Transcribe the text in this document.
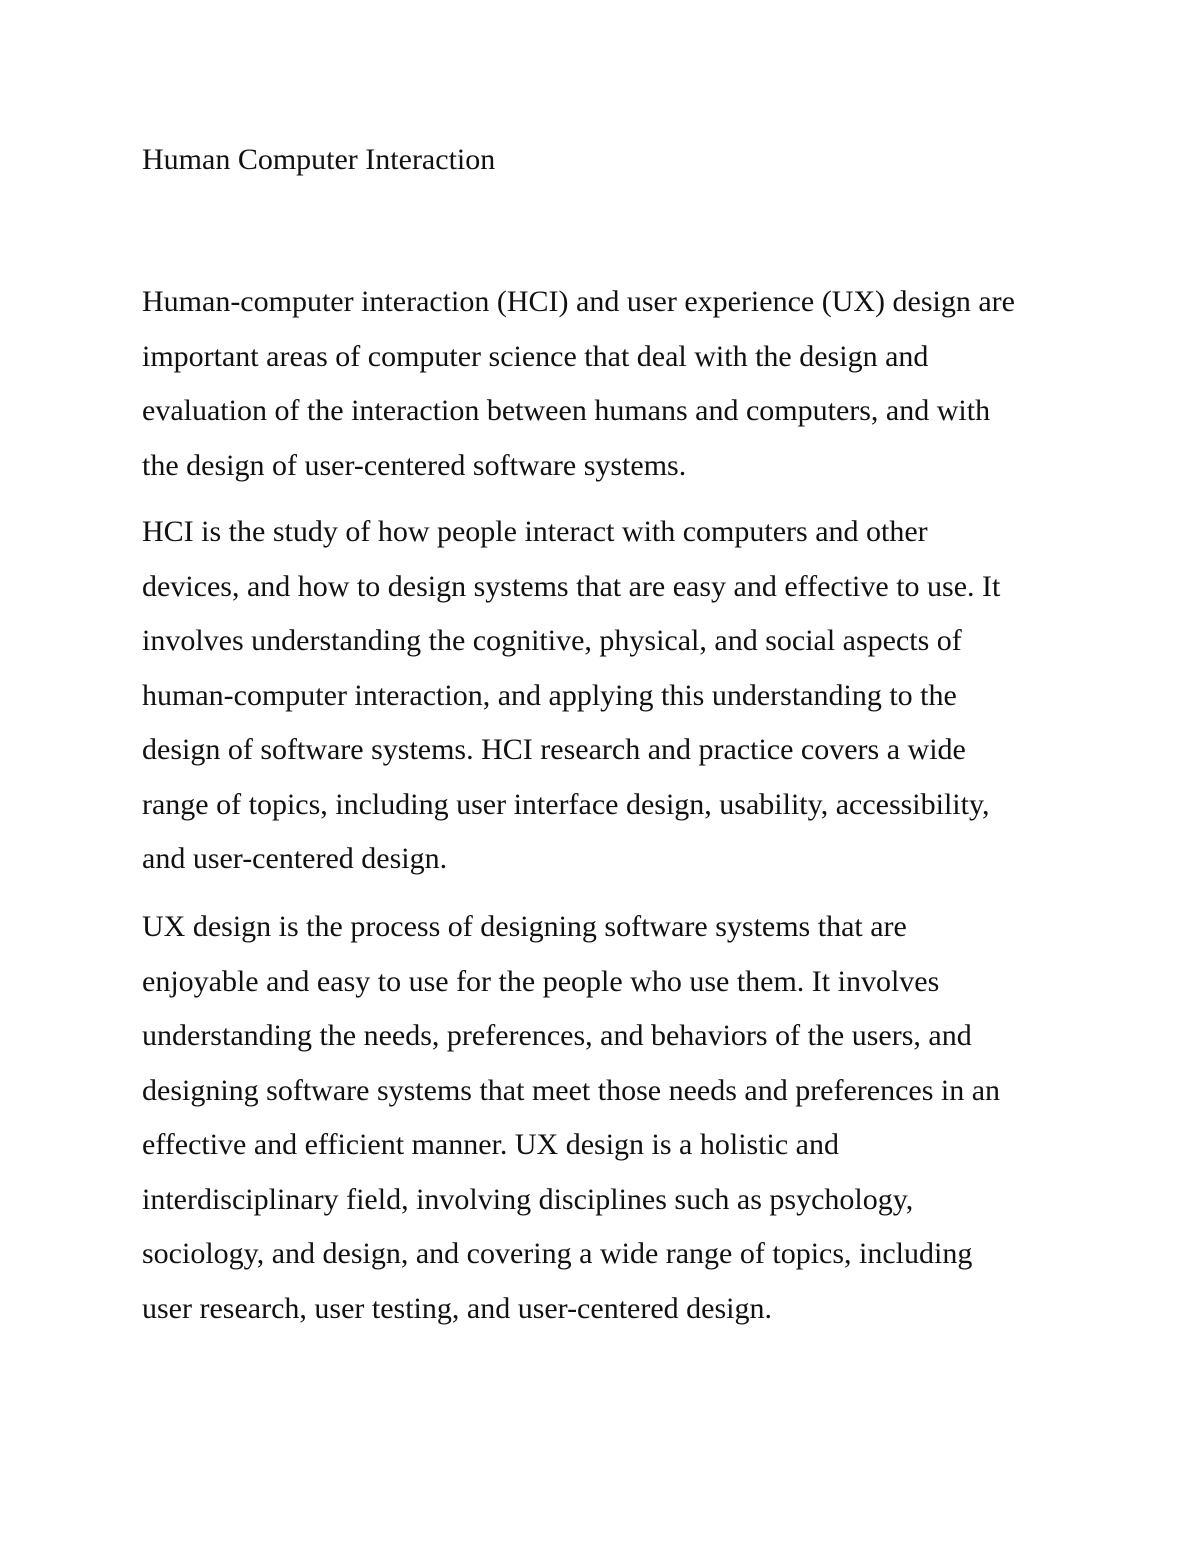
Human Computer Interaction

Human-computer interaction (HCI) and user experience (UX) design are
important areas of computer science that deal with the design and
evaluation of the interaction between humans and computers, and with
the design of user-centered software systems.

HCI is the study of how people interact with computers and other
devices, and how to design systems that are easy and effective to use. It
involves understanding the cognitive, physical, and social aspects of
human-computer interaction, and applying this understanding to the
design of software systems. HCI research and practice covers a wide
range of topics, including user interface design, usability, accessibility,
and user-centered design.

UX design is the process of designing software systems that are
enjoyable and easy to use for the people who use them. It involves
understanding the needs, preferences, and behaviors of the users, and
designing software systems that meet those needs and preferences in an
effective and efficient manner. UX design is a holistic and
interdisciplinary field, involving disciplines such as psychology,
sociology, and design, and covering a wide range of topics, including
user research, user testing, and user-centered design.
